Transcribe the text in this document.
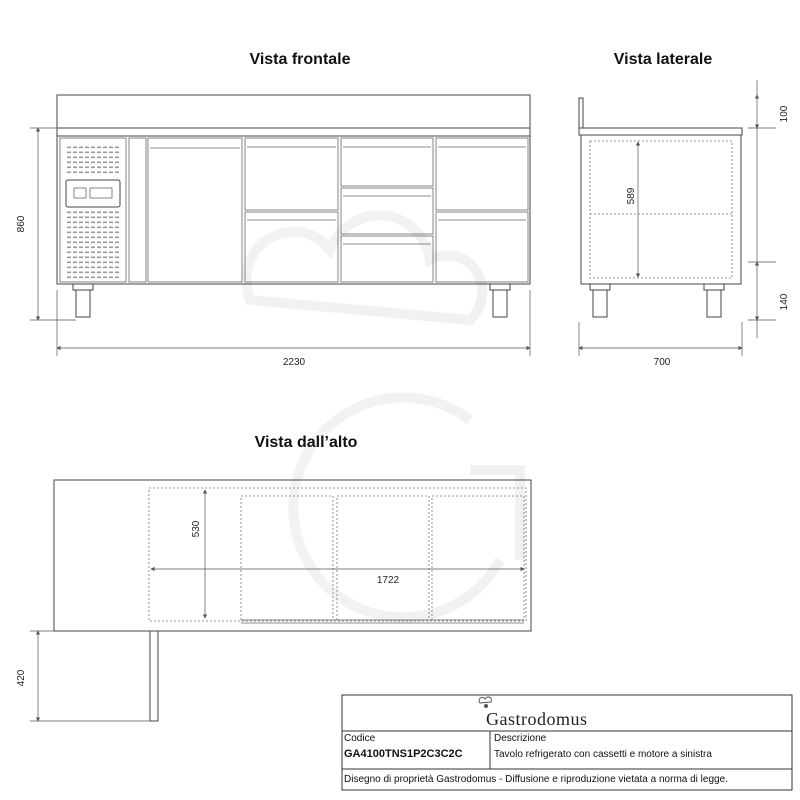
Vista frontale	Vista laterale
Vista dall’alto
860
2230
589
100
140
700
530
1722
420
Gastrodomus
Codice
GA4100TNS1P2C3C2C
Descrizione
Tavolo refrigerato con cassetti e motore a sinistra
Disegno di proprietà Gastrodomus - Diffusione e riproduzione vietata a norma di legge.
